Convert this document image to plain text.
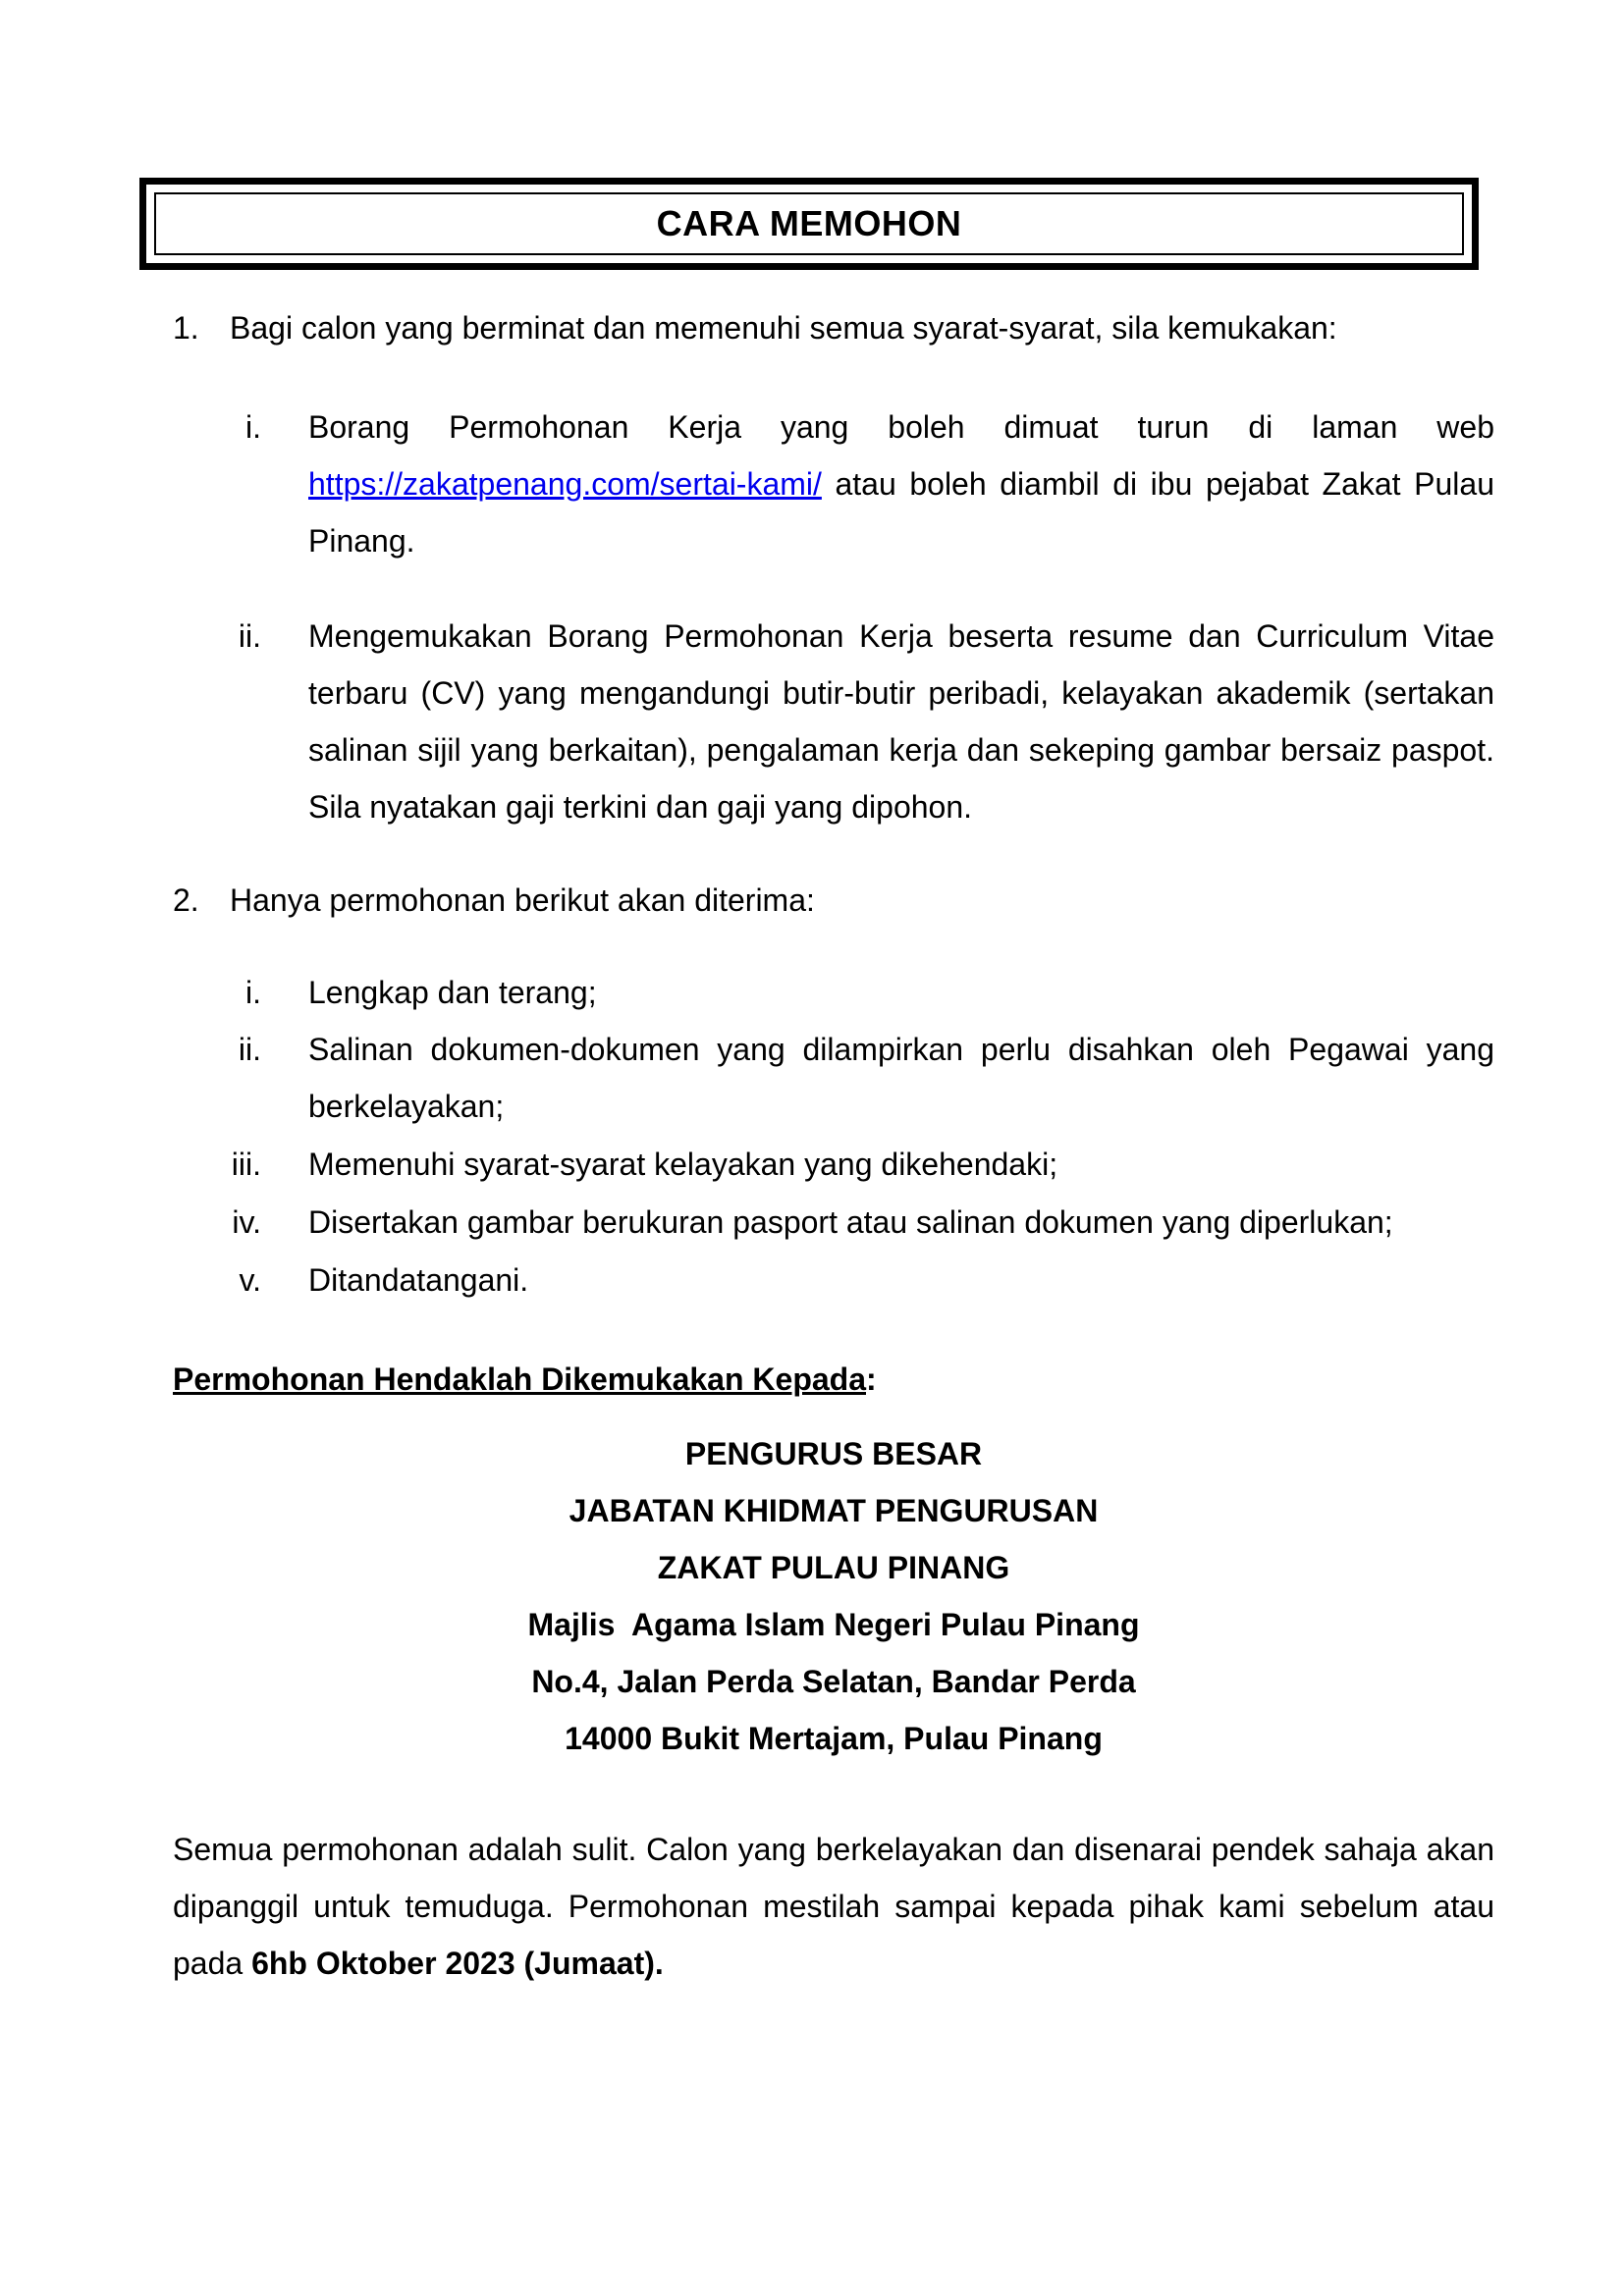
CARA MEMOHON
1. Bagi calon yang berminat dan memenuhi semua syarat-syarat, sila kemukakan:
i. Borang Permohonan Kerja yang boleh dimuat turun di laman web https://zakatpenang.com/sertai-kami/ atau boleh diambil di ibu pejabat Zakat Pulau Pinang.
ii. Mengemukakan Borang Permohonan Kerja beserta resume dan Curriculum Vitae terbaru (CV) yang mengandungi butir-butir peribadi, kelayakan akademik (sertakan salinan sijil yang berkaitan), pengalaman kerja dan sekeping gambar bersaiz paspot. Sila nyatakan gaji terkini dan gaji yang dipohon.
2. Hanya permohonan berikut akan diterima:
i. Lengkap dan terang;
ii. Salinan dokumen-dokumen yang dilampirkan perlu disahkan oleh Pegawai yang berkelayakan;
iii. Memenuhi syarat-syarat kelayakan yang dikehendaki;
iv. Disertakan gambar berukuran pasport atau salinan dokumen yang diperlukan;
v. Ditandatangani.
Permohonan Hendaklah Dikemukakan Kepada:
PENGURUS BESAR
JABATAN KHIDMAT PENGURUSAN
ZAKAT PULAU PINANG
Majlis  Agama Islam Negeri Pulau Pinang
No.4, Jalan Perda Selatan, Bandar Perda
14000 Bukit Mertajam, Pulau Pinang
Semua permohonan adalah sulit. Calon yang berkelayakan dan disenarai pendek sahaja akan dipanggil untuk temuduga. Permohonan mestilah sampai kepada pihak kami sebelum atau pada 6hb Oktober 2023 (Jumaat).
